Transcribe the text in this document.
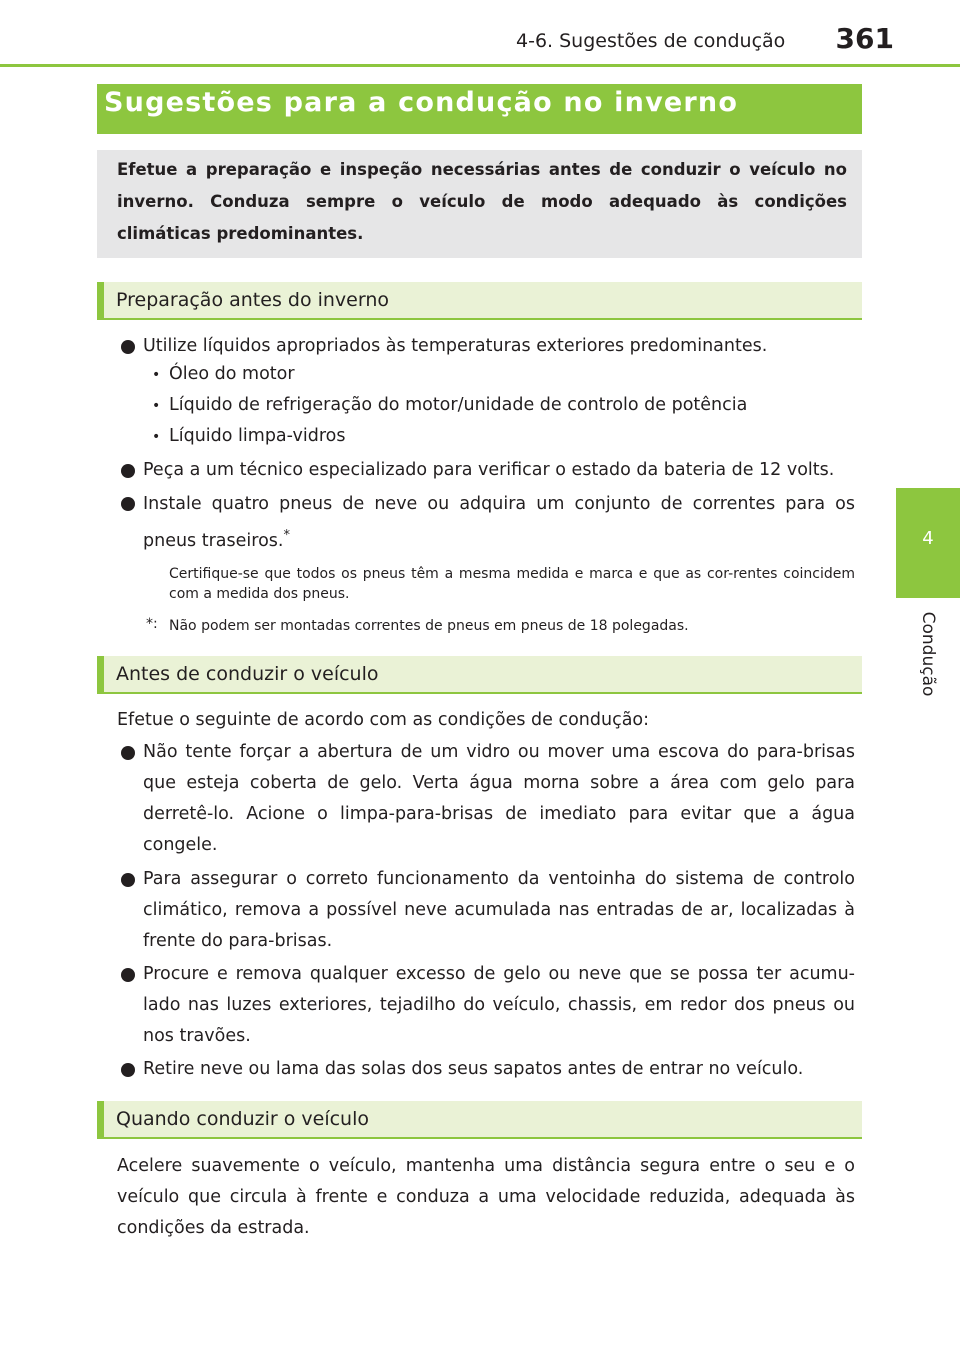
4-6. Sugestões de condução 361
4
Condução
Sugestões para a condução no inverno
Efetue a preparação e inspeção necessárias antes de conduzir o veículo no inverno. Conduza sempre o veículo de modo adequado às condições climáticas predominantes.
Preparação antes do inverno
Utilize líquidos apropriados às temperaturas exteriores predominantes.
• Óleo do motor
• Líquido de refrigeração do motor/unidade de controlo de potência
• Líquido limpa-vidros
Peça a um técnico especializado para verificar o estado da bateria de 12 volts.
Instale quatro pneus de neve ou adquira um conjunto de correntes para os pneus traseiros.*
Certifique-se que todos os pneus têm a mesma medida e marca e que as cor-rentes coincidem com a medida dos pneus.
*: Não podem ser montadas correntes de pneus em pneus de 18 polegadas.
Antes de conduzir o veículo
Efetue o seguinte de acordo com as condições de condução:
Não tente forçar a abertura de um vidro ou mover uma escova do para-brisas que esteja coberta de gelo. Verta água morna sobre a área com gelo para derretê-lo. Acione o limpa-para-brisas de imediato para evitar que a água congele.
Para assegurar o correto funcionamento da ventoinha do sistema de controlo climático, remova a possível neve acumulada nas entradas de ar, localizadas à frente do para-brisas.
Procure e remova qualquer excesso de gelo ou neve que se possa ter acumu-lado nas luzes exteriores, tejadilho do veículo, chassis, em redor dos pneus ou nos travões.
Retire neve ou lama das solas dos seus sapatos antes de entrar no veículo.
Quando conduzir o veículo
Acelere suavemente o veículo, mantenha uma distância segura entre o seu e o veículo que circula à frente e conduza a uma velocidade reduzida, adequada às condições da estrada.
